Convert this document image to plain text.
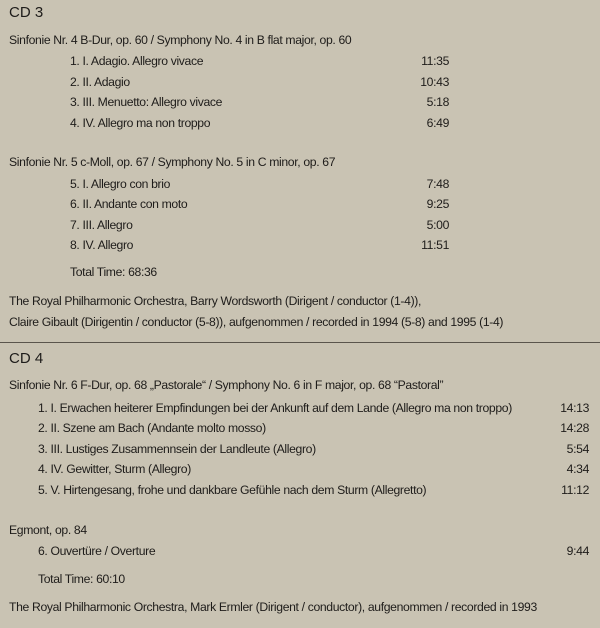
CD 3
Sinfonie Nr. 4 B-Dur, op. 60 / Symphony No. 4 in B flat major, op. 60
1. I. Adagio. Allegro vivace	11:35
2. II. Adagio	10:43
3. III. Menuetto: Allegro vivace	5:18
4. IV. Allegro ma non troppo	6:49
Sinfonie Nr. 5 c-Moll, op. 67 / Symphony No. 5 in C minor, op. 67
5. I. Allegro con brio	7:48
6. II. Andante con moto	9:25
7. III. Allegro	5:00
8. IV. Allegro	11:51
Total Time: 68:36
The Royal Philharmonic Orchestra, Barry Wordsworth (Dirigent / conductor (1-4)),
Claire Gibault (Dirigentin / conductor (5-8)), aufgenommen / recorded in 1994 (5-8) and 1995 (1-4)
CD 4
Sinfonie Nr. 6 F-Dur, op. 68 „Pastorale“ / Symphony No. 6 in F major, op. 68 “Pastoral”
1. I. Erwachen heiterer Empfindungen bei der Ankunft auf dem Lande (Allegro ma non troppo)	14:13
2. II. Szene am Bach (Andante molto mosso)	14:28
3. III. Lustiges Zusammennsein der Landleute (Allegro)	5:54
4. IV. Gewitter, Sturm (Allegro)	4:34
5. V. Hirtengesang, frohe und dankbare Gefühle nach dem Sturm (Allegretto)	11:12
Egmont, op. 84
6. Ouvertüre / Overture	9:44
Total Time: 60:10
The Royal Philharmonic Orchestra, Mark Ermler (Dirigent / conductor), aufgenommen / recorded in 1993
